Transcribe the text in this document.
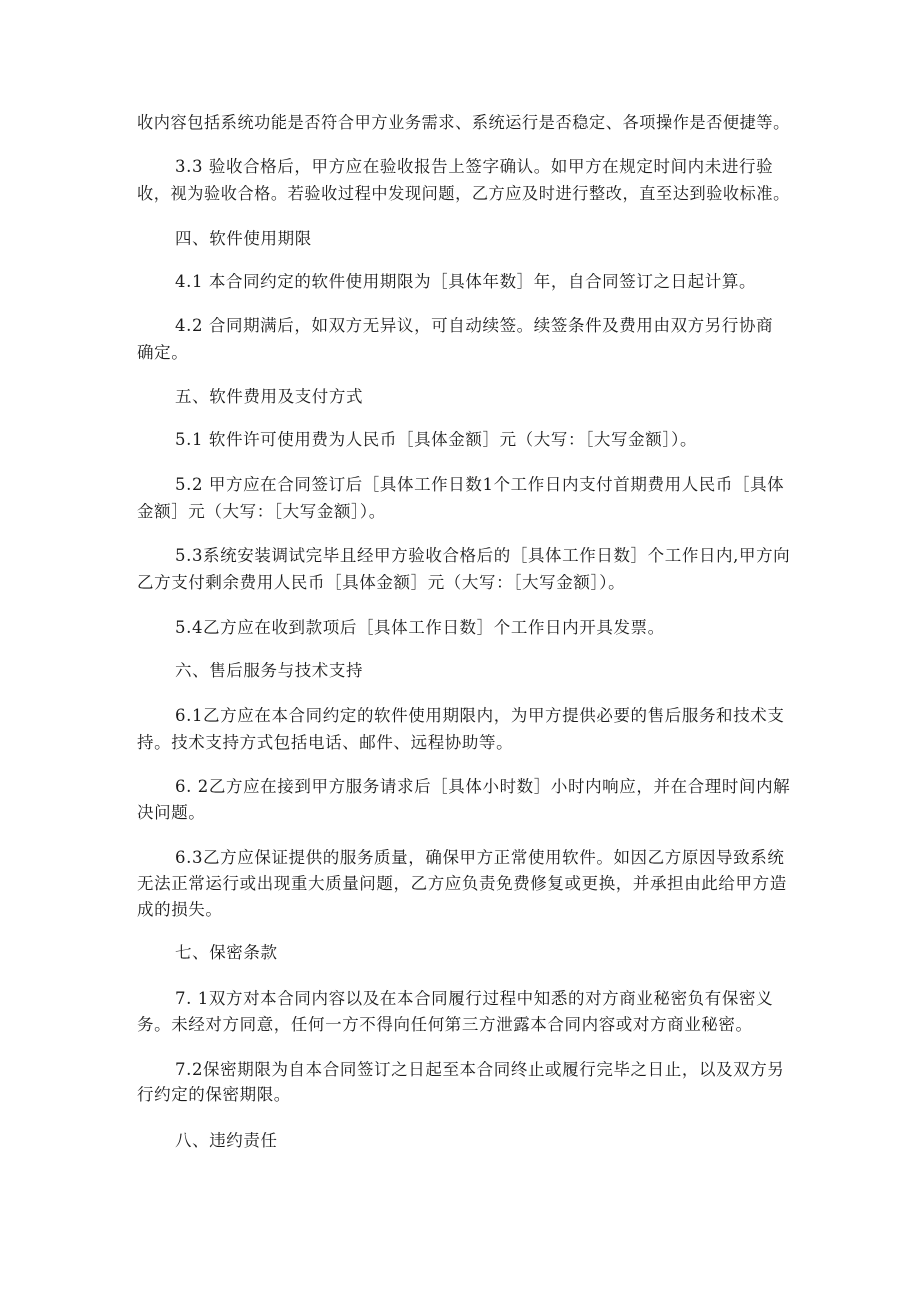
收内容包括系统功能是否符合甲方业务需求、系统运行是否稳定、各项操作是否便捷等。
3.3 验收合格后，甲方应在验收报告上签字确认。如甲方在规定时间内未进行验
收，视为验收合格。若验收过程中发现问题，乙方应及时进行整改，直至达到验收标准。
四、软件使用期限
4.1 本合同约定的软件使用期限为［具体年数］年，自合同签订之日起计算。
4.2 合同期满后，如双方无异议，可自动续签。续签条件及费用由双方另行协商
确定。
五、软件费用及支付方式
5.1 软件许可使用费为人民币［具体金额］元（大写：［大写金额］）。
5.2 甲方应在合同签订后［具体工作日数1个工作日内支付首期费用人民币［具体
金额］元（大写：［大写金额］）。
5.3系统安装调试完毕且经甲方验收合格后的［具体工作日数］个工作日内,甲方向
乙方支付剩余费用人民币［具体金额］元（大写：［大写金额］）。
5.4乙方应在收到款项后［具体工作日数］个工作日内开具发票。
六、售后服务与技术支持
6.1乙方应在本合同约定的软件使用期限内，为甲方提供必要的售后服务和技术支
持。技术支持方式包括电话、邮件、远程协助等。
6. 2乙方应在接到甲方服务请求后［具体小时数］小时内响应，并在合理时间内解
决问题。
6.3乙方应保证提供的服务质量，确保甲方正常使用软件。如因乙方原因导致系统
无法正常运行或出现重大质量问题，乙方应负责免费修复或更换，并承担由此给甲方造
成的损失。
七、保密条款
7. 1双方对本合同内容以及在本合同履行过程中知悉的对方商业秘密负有保密义
务。未经对方同意，任何一方不得向任何第三方泄露本合同内容或对方商业秘密。
7.2保密期限为自本合同签订之日起至本合同终止或履行完毕之日止，以及双方另
行约定的保密期限。
八、违约责任
